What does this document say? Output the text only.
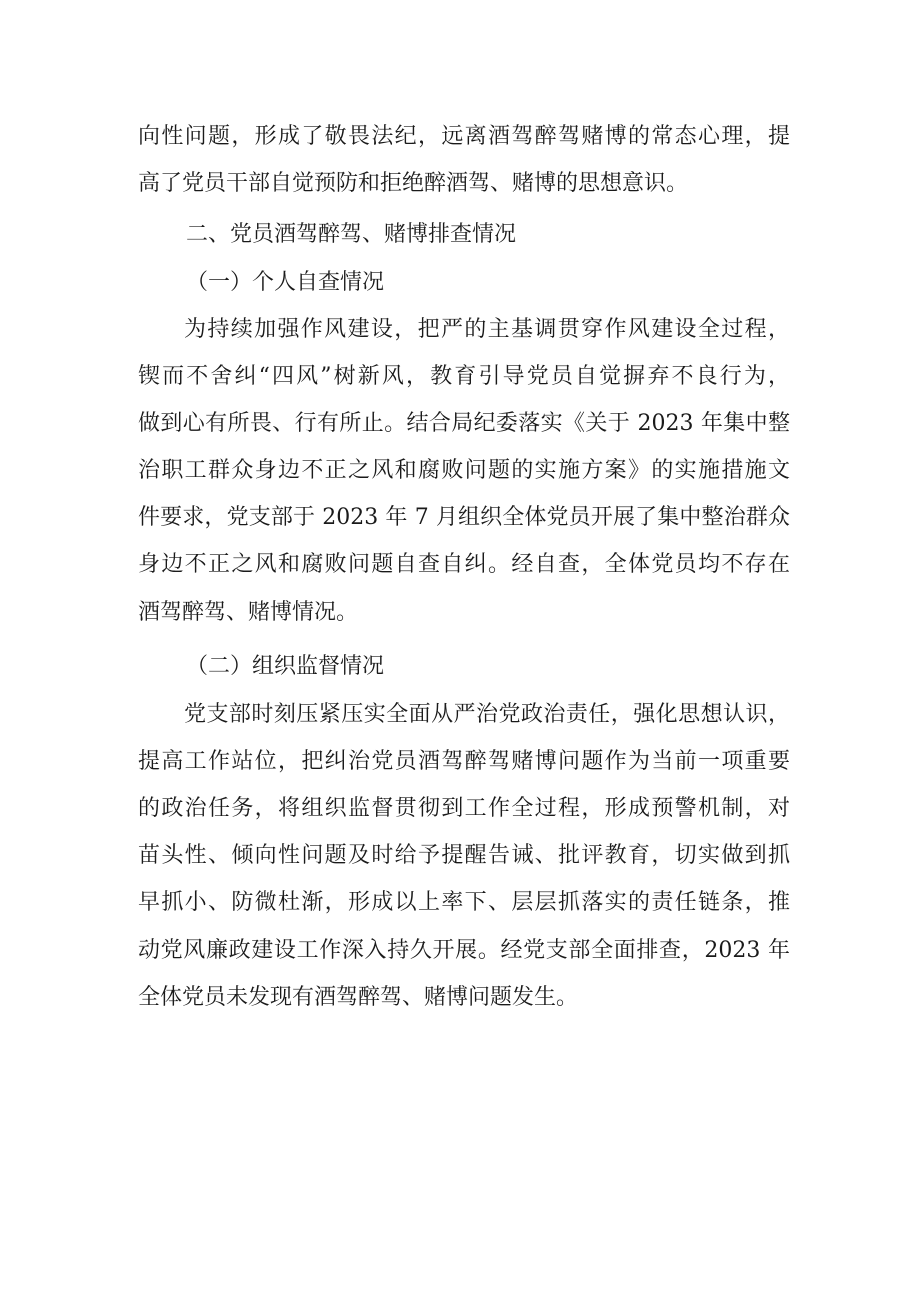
向性问题，形成了敬畏法纪，远离酒驾醉驾赌博的常态心理，提
高了党员干部自觉预防和拒绝醉酒驾、赌博的思想意识。
二、党员酒驾醉驾、赌博排查情况
（一）个人自查情况
为持续加强作风建设，把严的主基调贯穿作风建设全过程，
锲而不舍纠“四风”树新风，教育引导党员自觉摒弃不良行为，
做到心有所畏、行有所止。结合局纪委落实《关于 2023 年集中整
治职工群众身边不正之风和腐败问题的实施方案》的实施措施文
件要求，党支部于 2023 年 7 月组织全体党员开展了集中整治群众
身边不正之风和腐败问题自查自纠。经自查，全体党员均不存在
酒驾醉驾、赌博情况。
（二）组织监督情况
党支部时刻压紧压实全面从严治党政治责任，强化思想认识，
提高工作站位，把纠治党员酒驾醉驾赌博问题作为当前一项重要
的政治任务，将组织监督贯彻到工作全过程，形成预警机制，对
苗头性、倾向性问题及时给予提醒告诫、批评教育，切实做到抓
早抓小、防微杜渐，形成以上率下、层层抓落实的责任链条，推
动党风廉政建设工作深入持久开展。经党支部全面排查，2023 年
全体党员未发现有酒驾醉驾、赌博问题发生。
